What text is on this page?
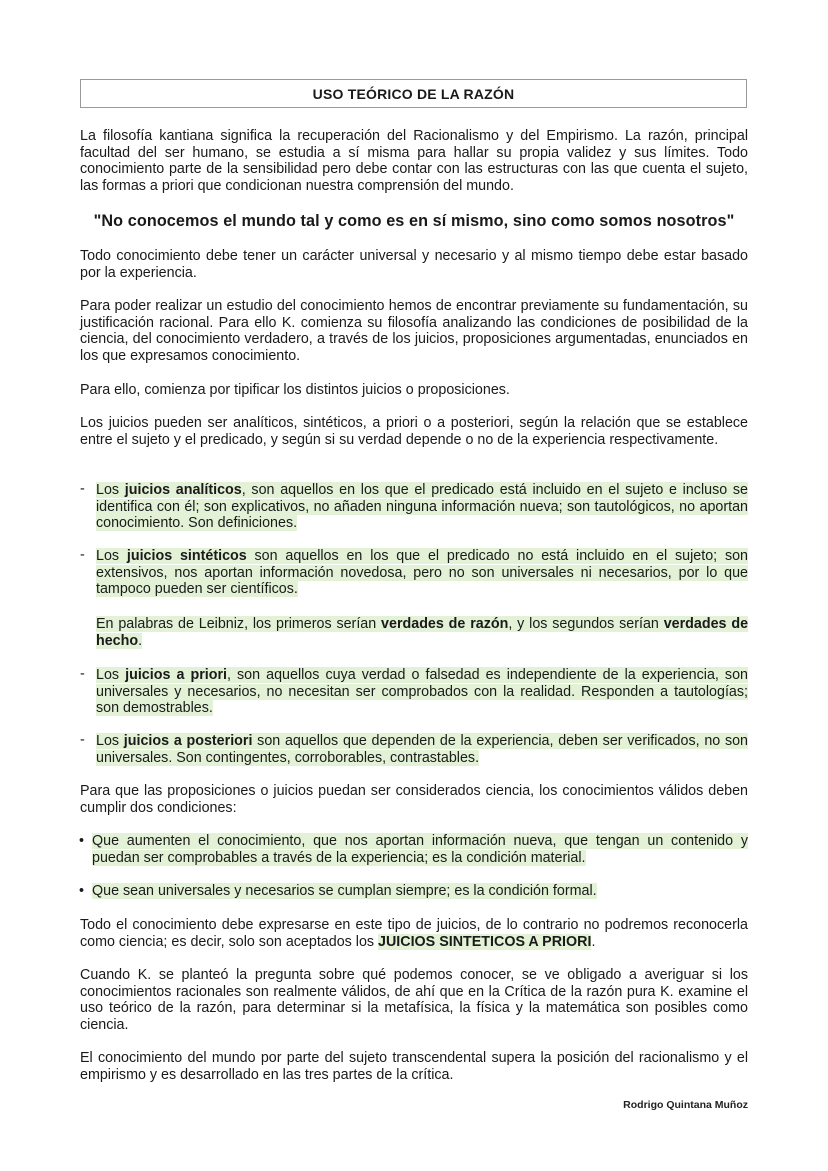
USO TEÓRICO DE LA RAZÓN
La filosofía kantiana significa la recuperación del Racionalismo y del Empirismo. La razón, principal facultad del ser humano, se estudia a sí misma para hallar su propia validez y sus límites. Todo conocimiento parte de la sensibilidad pero debe contar con las estructuras con las que cuenta el sujeto, las formas a priori que condicionan nuestra comprensión del mundo.
"No conocemos el mundo tal y como es en sí mismo, sino como somos nosotros"
Todo conocimiento debe tener un carácter universal y necesario y al mismo tiempo debe estar basado por la experiencia.
Para poder realizar un estudio del conocimiento hemos de encontrar previamente su fundamentación, su justificación racional. Para ello K. comienza su filosofía analizando las condiciones de posibilidad de la ciencia, del conocimiento verdadero, a través de los juicios, proposiciones argumentadas, enunciados en los que expresamos conocimiento.
Para ello, comienza por tipificar los distintos juicios o proposiciones.
Los juicios pueden ser analíticos, sintéticos, a priori o a posteriori, según la relación que se establece entre el sujeto y el predicado, y según si su verdad depende o no de la experiencia respectivamente.
- Los juicios analíticos, son aquellos en los que el predicado está incluido en el sujeto e incluso se identifica con él; son explicativos, no añaden ninguna información nueva; son tautológicos, no aportan conocimiento. Son definiciones.
- Los juicios sintéticos son aquellos en los que el predicado no está incluido en el sujeto; son extensivos, nos aportan información novedosa, pero no son universales ni necesarios, por lo que tampoco pueden ser científicos.
En palabras de Leibniz, los primeros serían verdades de razón, y los segundos serían verdades de hecho.
- Los juicios a priori, son aquellos cuya verdad o falsedad es independiente de la experiencia, son universales y necesarios, no necesitan ser comprobados con la realidad. Responden a tautologías; son demostrables.
- Los juicios a posteriori son aquellos que dependen de la experiencia, deben ser verificados, no son universales. Son contingentes, corroborables, contrastables.
Para que las proposiciones o juicios puedan ser considerados ciencia, los conocimientos válidos deben cumplir dos condiciones:
• Que aumenten el conocimiento, que nos aportan información nueva, que tengan un contenido y puedan ser comprobables a través de la experiencia; es la condición material.
• Que sean universales y necesarios se cumplan siempre; es la condición formal.
Todo el conocimiento debe expresarse en este tipo de juicios, de lo contrario no podremos reconocerla como ciencia; es decir, solo son aceptados los JUICIOS SINTETICOS A PRIORI.
Cuando K. se planteó la pregunta sobre qué podemos conocer, se ve obligado a averiguar si los conocimientos racionales son realmente válidos, de ahí que en la Crítica de la razón pura K. examine el uso teórico de la razón, para determinar si la metafísica, la física y la matemática son posibles como ciencia.
El conocimiento del mundo por parte del sujeto transcendental supera la posición del racionalismo y el empirismo y es desarrollado en las tres partes de la crítica.
Rodrigo Quintana Muñoz
